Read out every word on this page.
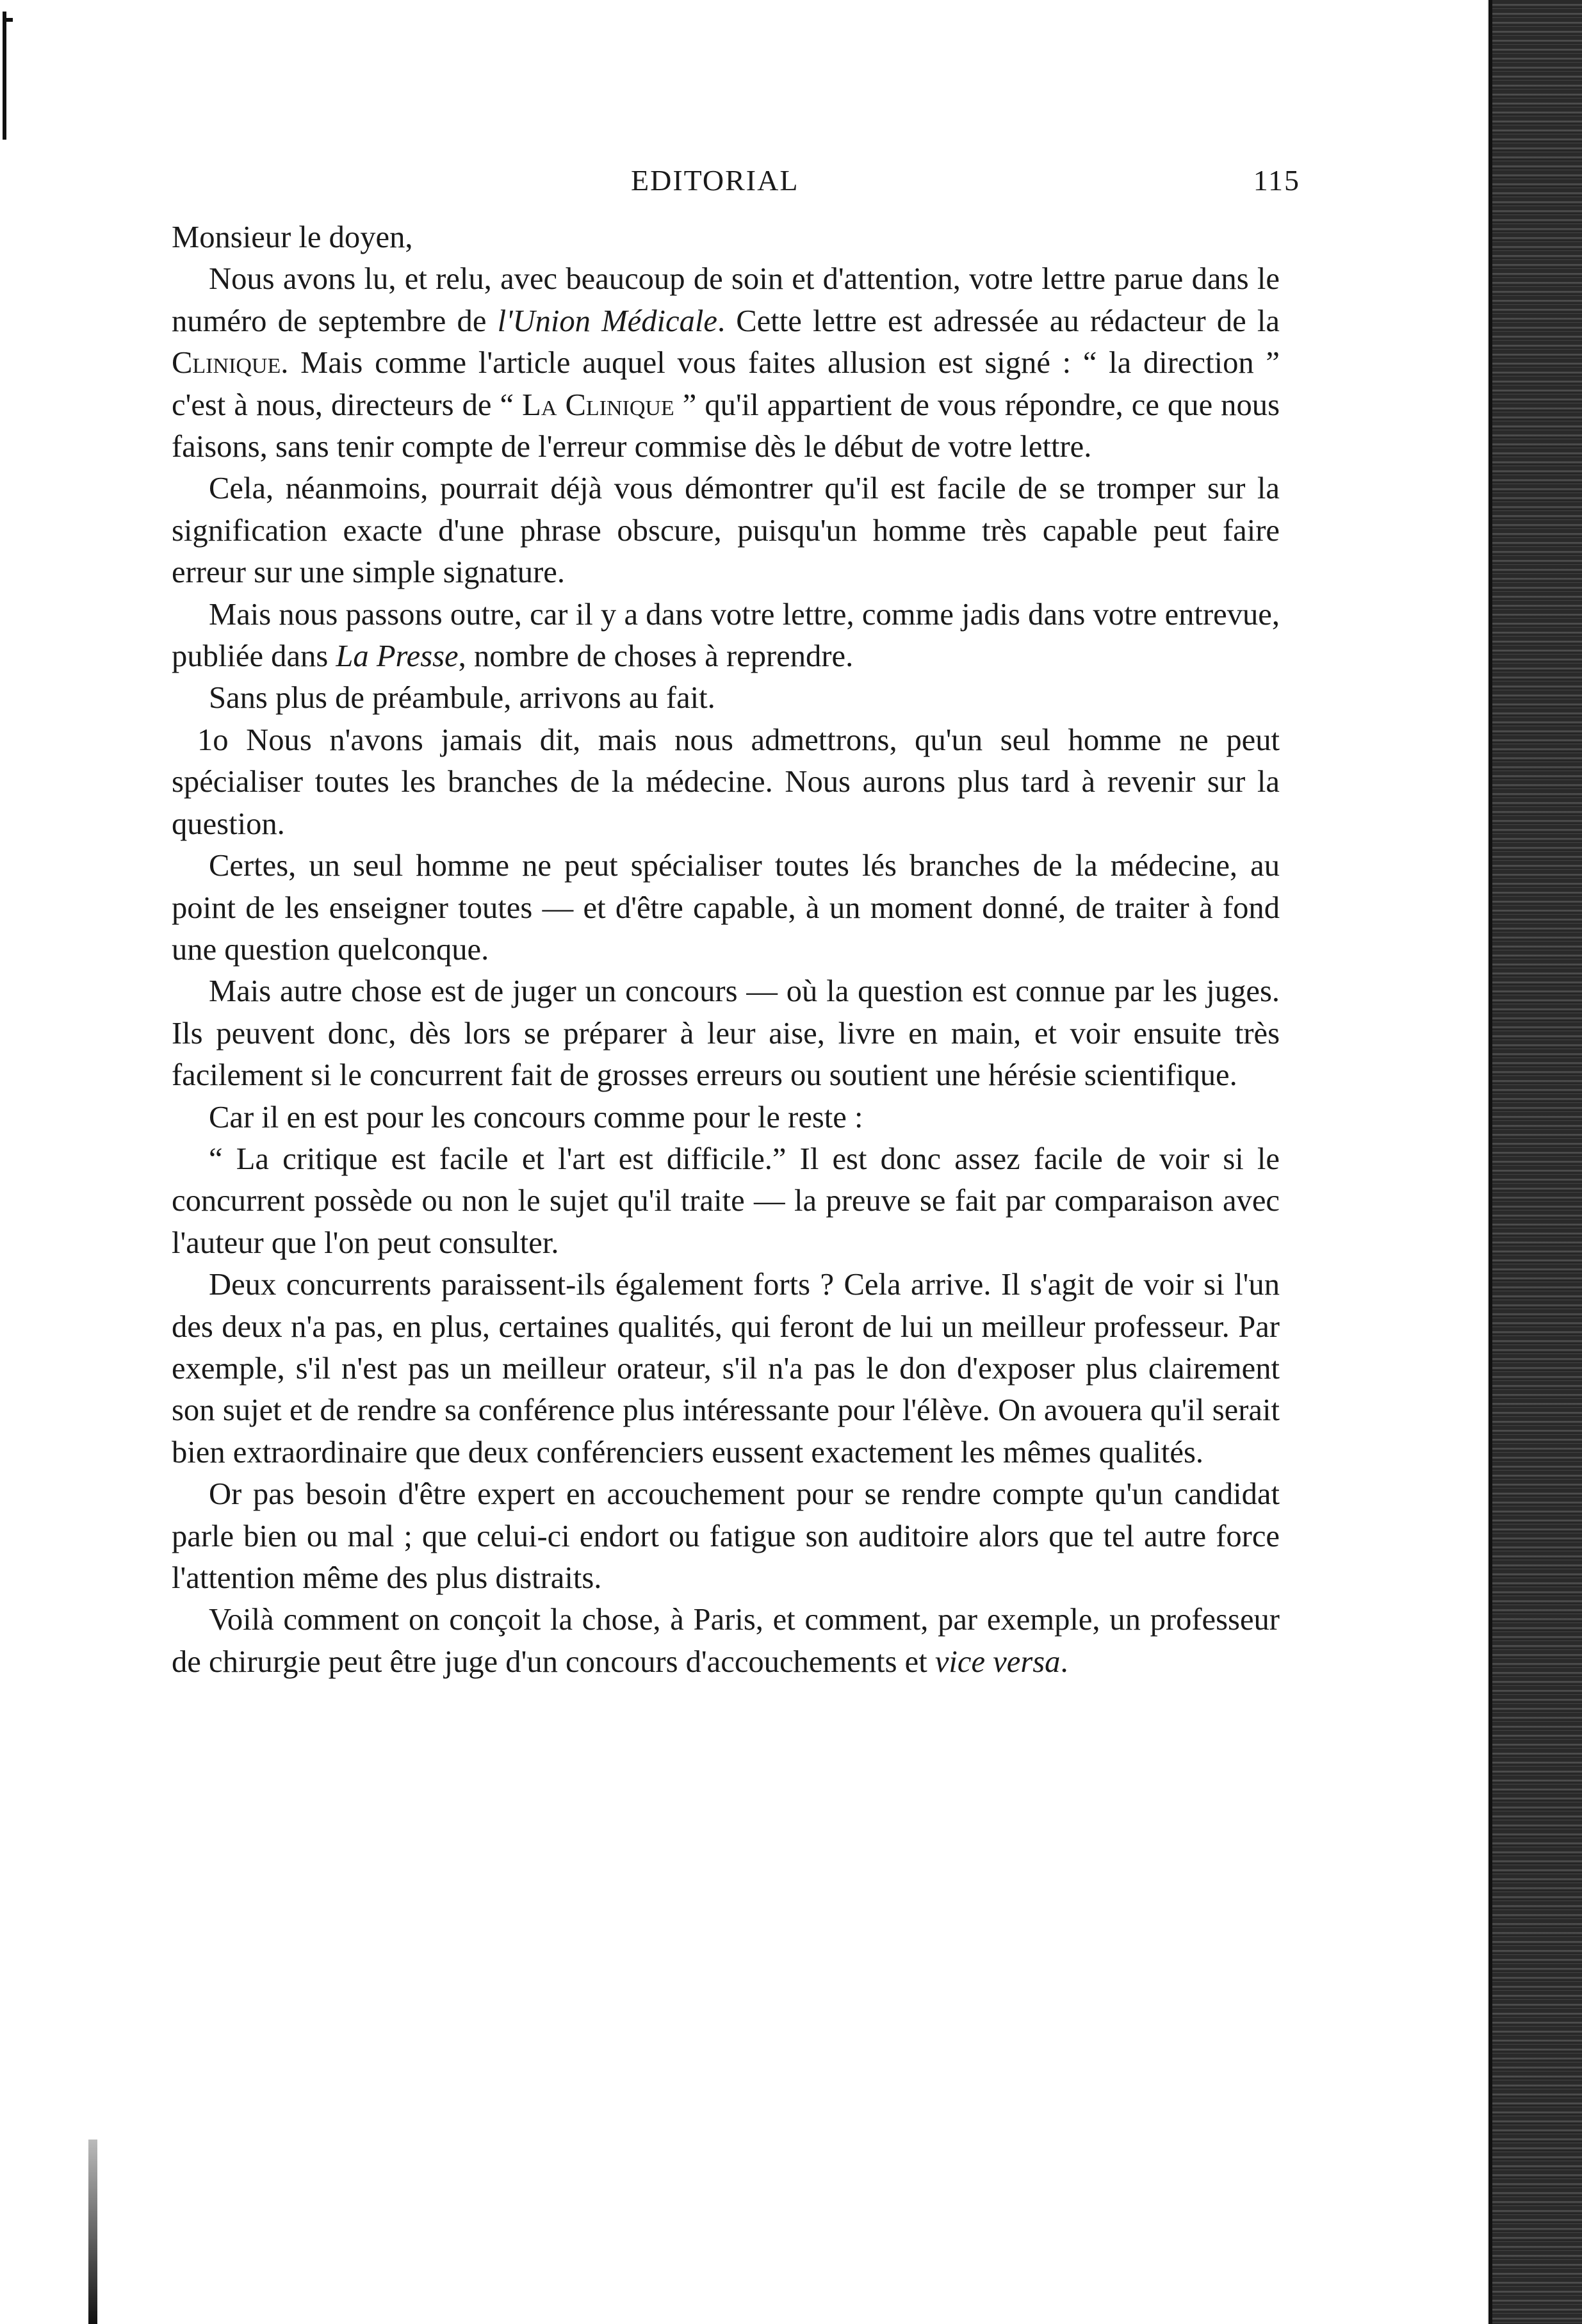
EDITORIAL	115

Monsieur le doyen,

Nous avons lu, et relu, avec beaucoup de soin et d'attention, votre lettre parue dans le numéro de septembre de l'Union Médicale. Cette lettre est adressée au rédacteur de la Clinique. Mais comme l'article auquel vous faites allusion est signé : “ la direction ” c'est à nous, directeurs de “ La Clinique ” qu'il appartient de vous répondre, ce que nous faisons, sans tenir compte de l'erreur commise dès le début de votre lettre.

Cela, néanmoins, pourrait déjà vous démontrer qu'il est facile de se tromper sur la signification exacte d'une phrase obscure, puisqu'un homme très capable peut faire erreur sur une simple signature.

Mais nous passons outre, car il y a dans votre lettre, comme jadis dans votre entrevue, publiée dans La Presse, nombre de choses à reprendre.

Sans plus de préambule, arrivons au fait.

1o Nous n'avons jamais dit, mais nous admettrons, qu'un seul homme ne peut spécialiser toutes les branches de la médecine. Nous aurons plus tard à revenir sur la question.

Certes, un seul homme ne peut spécialiser toutes lés branches de la médecine, au point de les enseigner toutes — et d'être capable, à un moment donné, de traiter à fond une question quelconque.

Mais autre chose est de juger un concours — où la question est connue par les juges. Ils peuvent donc, dès lors se préparer à leur aise, livre en main, et voir ensuite très facilement si le concurrent fait de grosses erreurs ou soutient une hérésie scientifique.

Car il en est pour les concours comme pour le reste :

“ La critique est facile et l'art est difficile.” Il est donc assez facile de voir si le concurrent possède ou non le sujet qu'il traite — la preuve se fait par comparaison avec l'auteur que l'on peut consulter.

Deux concurrents paraissent-ils également forts ? Cela arrive. Il s'agit de voir si l'un des deux n'a pas, en plus, certaines qualités, qui feront de lui un meilleur professeur. Par exemple, s'il n'est pas un meilleur orateur, s'il n'a pas le don d'exposer plus clairement son sujet et de rendre sa conférence plus intéressante pour l'élève. On avouera qu'il serait bien extraordinaire que deux conférenciers eussent exactement les mêmes qualités.

Or pas besoin d'être expert en accouchement pour se rendre compte qu'un candidat parle bien ou mal ; que celui-ci endort ou fatigue son auditoire alors que tel autre force l'attention même des plus distraits.

Voilà comment on conçoit la chose, à Paris, et comment, par exemple, un professeur de chirurgie peut être juge d'un concours d'accouchements et vice versa.
